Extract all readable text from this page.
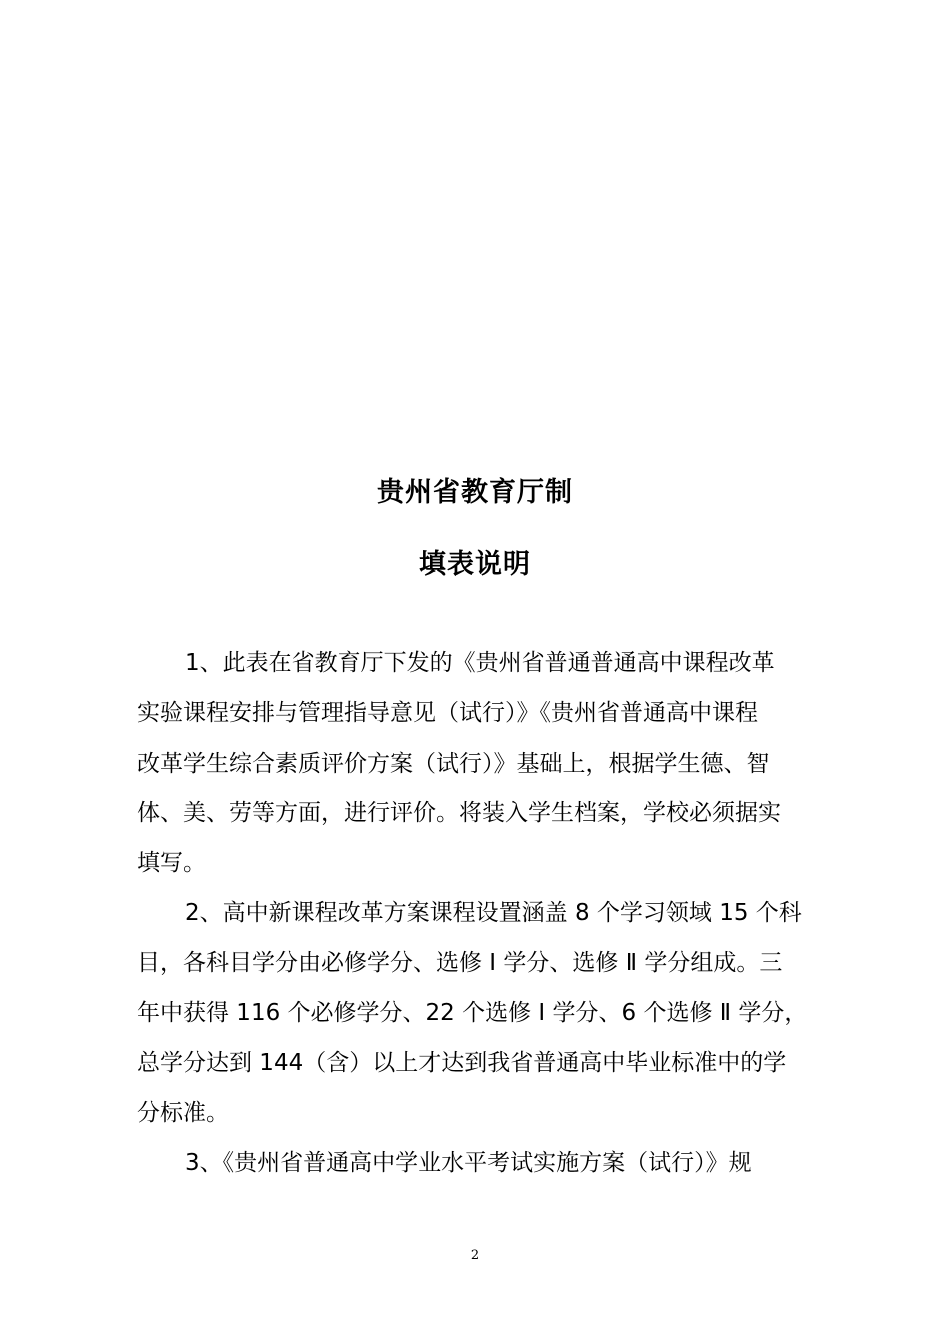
贵州省教育厅制
填表说明
1、此表在省教育厅下发的《贵州省普通普通高中课程改革
实验课程安排与管理指导意见（试行）》《贵州省普通高中课程
改革学生综合素质评价方案（试行）》基础上，根据学生德、智
体、美、劳等方面，进行评价。将装入学生档案，学校必须据实
填写。
2、高中新课程改革方案课程设置涵盖 8 个学习领域 15 个科
目，各科目学分由必修学分、选修 Ⅰ 学分、选修 Ⅱ 学分组成。三
年中获得 116 个必修学分、22 个选修 Ⅰ 学分、6 个选修 Ⅱ 学分，
总学分达到 144（含）以上才达到我省普通高中毕业标准中的学
分标准。
3、《贵州省普通高中学业水平考试实施方案（试行）》规
2
